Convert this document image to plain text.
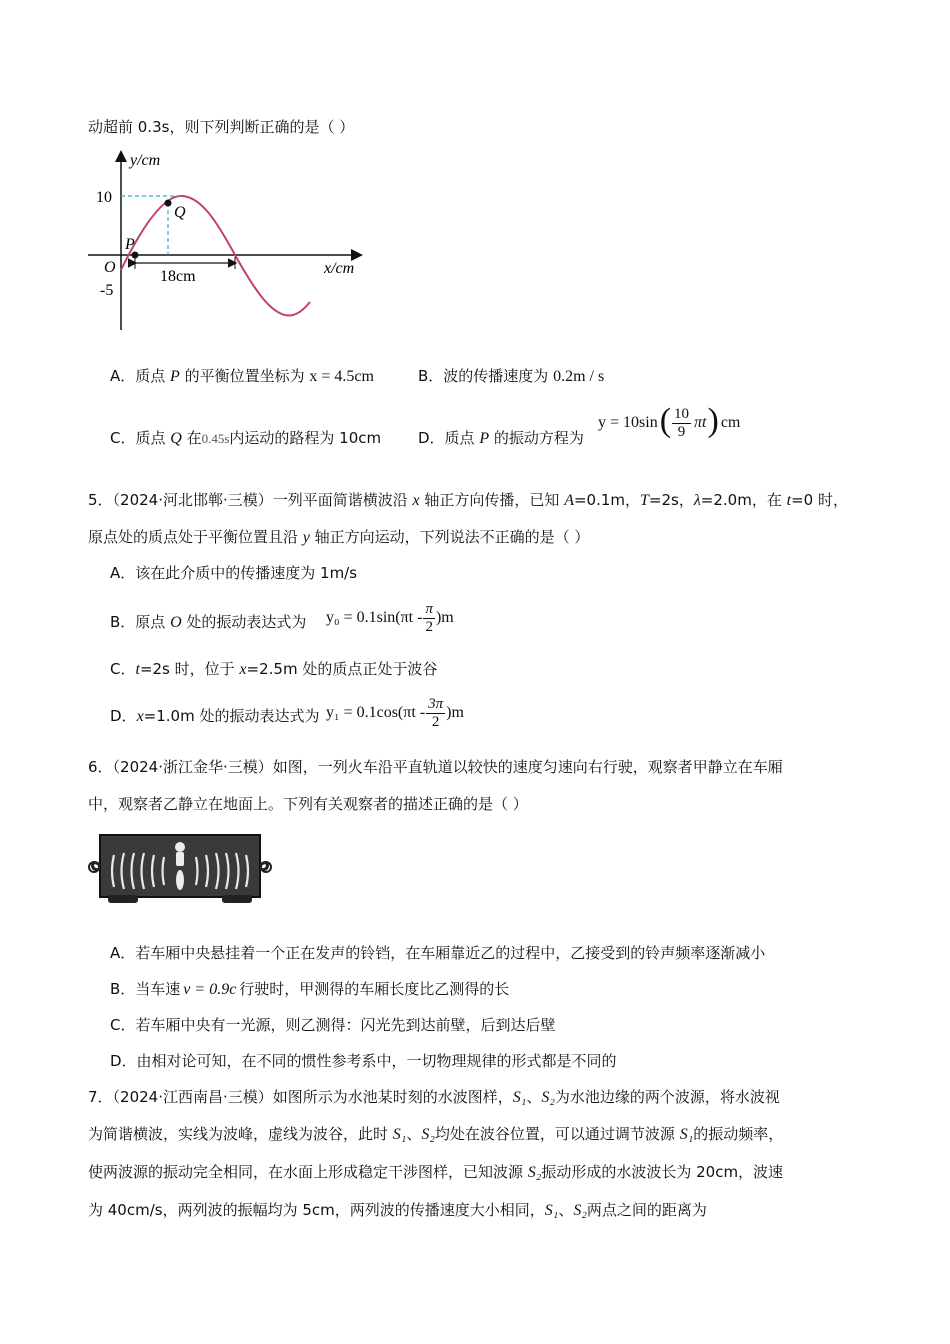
动超前 0.3s，则下列判断正确的是（ ）
y/cm
x/cm
10
-5
O
P
Q
18cm
A．质点 P 的平衡位置坐标为 x = 4.5cm	B．波的传播速度为 0.2m / s
C．质点 Q 在0.45s内运动的路程为 10cm D．质点 P 的振动方程为
y = 10sin ( 10
9
πt ) cm
5．（2024·河北邯郸·三模）一列平面简谐横波沿 x 轴正方向传播，已知 A=0.1m，T=2s，λ=2.0m，在 t=0 时，
原点处的质点处于平衡位置且沿 y 轴正方向运动，下列说法不正确的是（ ）
A．该在此介质中的传播速度为 1m/s
B．原点 O 处的振动表达式为 y₀ = 0.1sin(πt -
π
2
)m
C．t=2s 时，位于 x=2.5m 处的质点正处于波谷
D．x=1.0m 处的振动表达式为 y₁ = 0.1cos(πt -
3π
2
)m
6．（2024·浙江金华·三模）如图，一列火车沿平直轨道以较快的速度匀速向右行驶，观察者甲静立在车厢
中，观察者乙静立在地面上。下列有关观察者的描述正确的是（ ）
A．若车厢中央悬挂着一个正在发声的铃铛，在车厢靠近乙的过程中，乙接受到的铃声频率逐渐减小
B．当车速 v = 0.9c 行驶时，甲测得的车厢长度比乙测得的长
C．若车厢中央有一光源，则乙测得：闪光先到达前壁，后到达后壁
D．由相对论可知，在不同的惯性参考系中，一切物理规律的形式都是不同的
7．（2024·江西南昌·三模）如图所示为水池某时刻的水波图样，S₁、S₂为水池边缘的两个波源，将水波视
为简谐横波，实线为波峰，虚线为波谷，此时 S₁、S₂均处在波谷位置，可以通过调节波源 S₁的振动频率，
使两波源的振动完全相同，在水面上形成稳定干涉图样，已知波源 S₂振动形成的水波波长为 20cm，波速
为 40cm/s，两列波的振幅均为 5cm，两列波的传播速度大小相同，S₁、S₂两点之间的距离为
